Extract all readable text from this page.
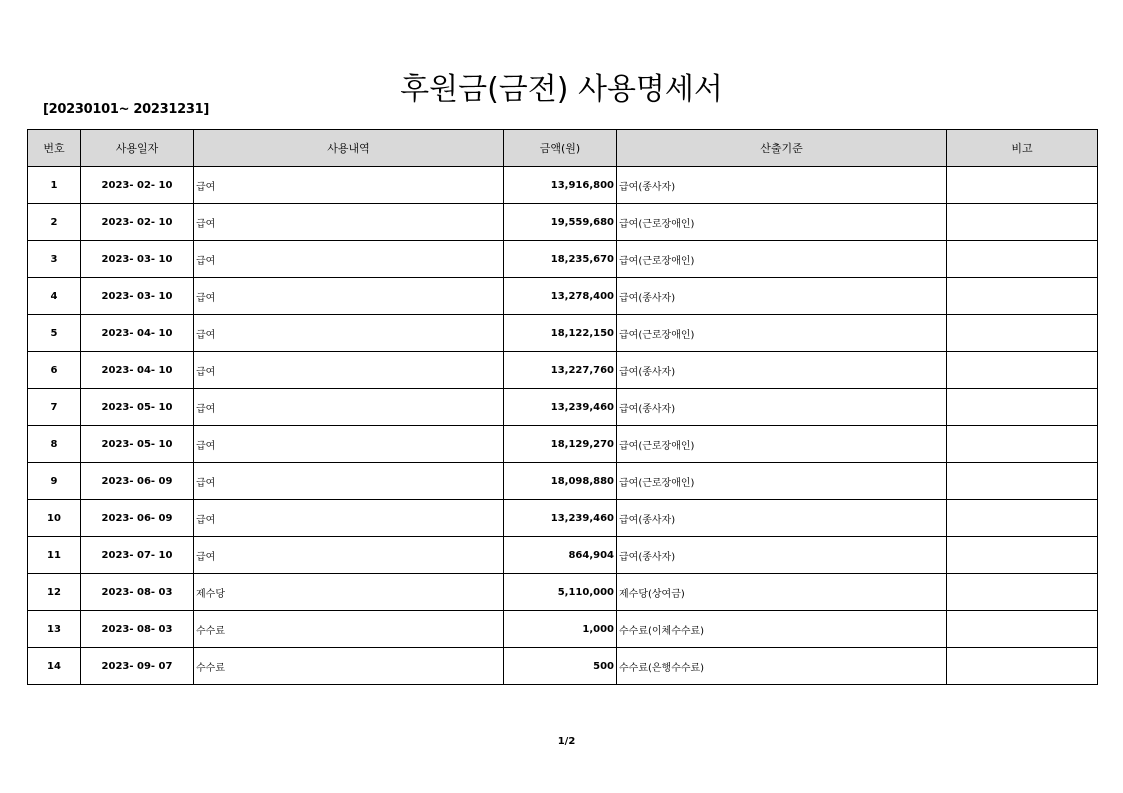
후원금(금전) 사용명세서
[20230101~ 20231231]
번호	사용일자	사용내역	금액(원)	산출기준	비고
1	2023- 02- 10	급여	13,916,800	급여(종사자)	
2	2023- 02- 10	급여	19,559,680	급여(근로장애인)	
3	2023- 03- 10	급여	18,235,670	급여(근로장애인)	
4	2023- 03- 10	급여	13,278,400	급여(종사자)	
5	2023- 04- 10	급여	18,122,150	급여(근로장애인)	
6	2023- 04- 10	급여	13,227,760	급여(종사자)	
7	2023- 05- 10	급여	13,239,460	급여(종사자)	
8	2023- 05- 10	급여	18,129,270	급여(근로장애인)	
9	2023- 06- 09	급여	18,098,880	급여(근로장애인)	
10	2023- 06- 09	급여	13,239,460	급여(종사자)	
11	2023- 07- 10	급여	864,904	급여(종사자)	
12	2023- 08- 03	제수당	5,110,000	제수당(상여금)	
13	2023- 08- 03	수수료	1,000	수수료(이체수수료)	
14	2023- 09- 07	수수료	500	수수료(은행수수료)	
1/2
